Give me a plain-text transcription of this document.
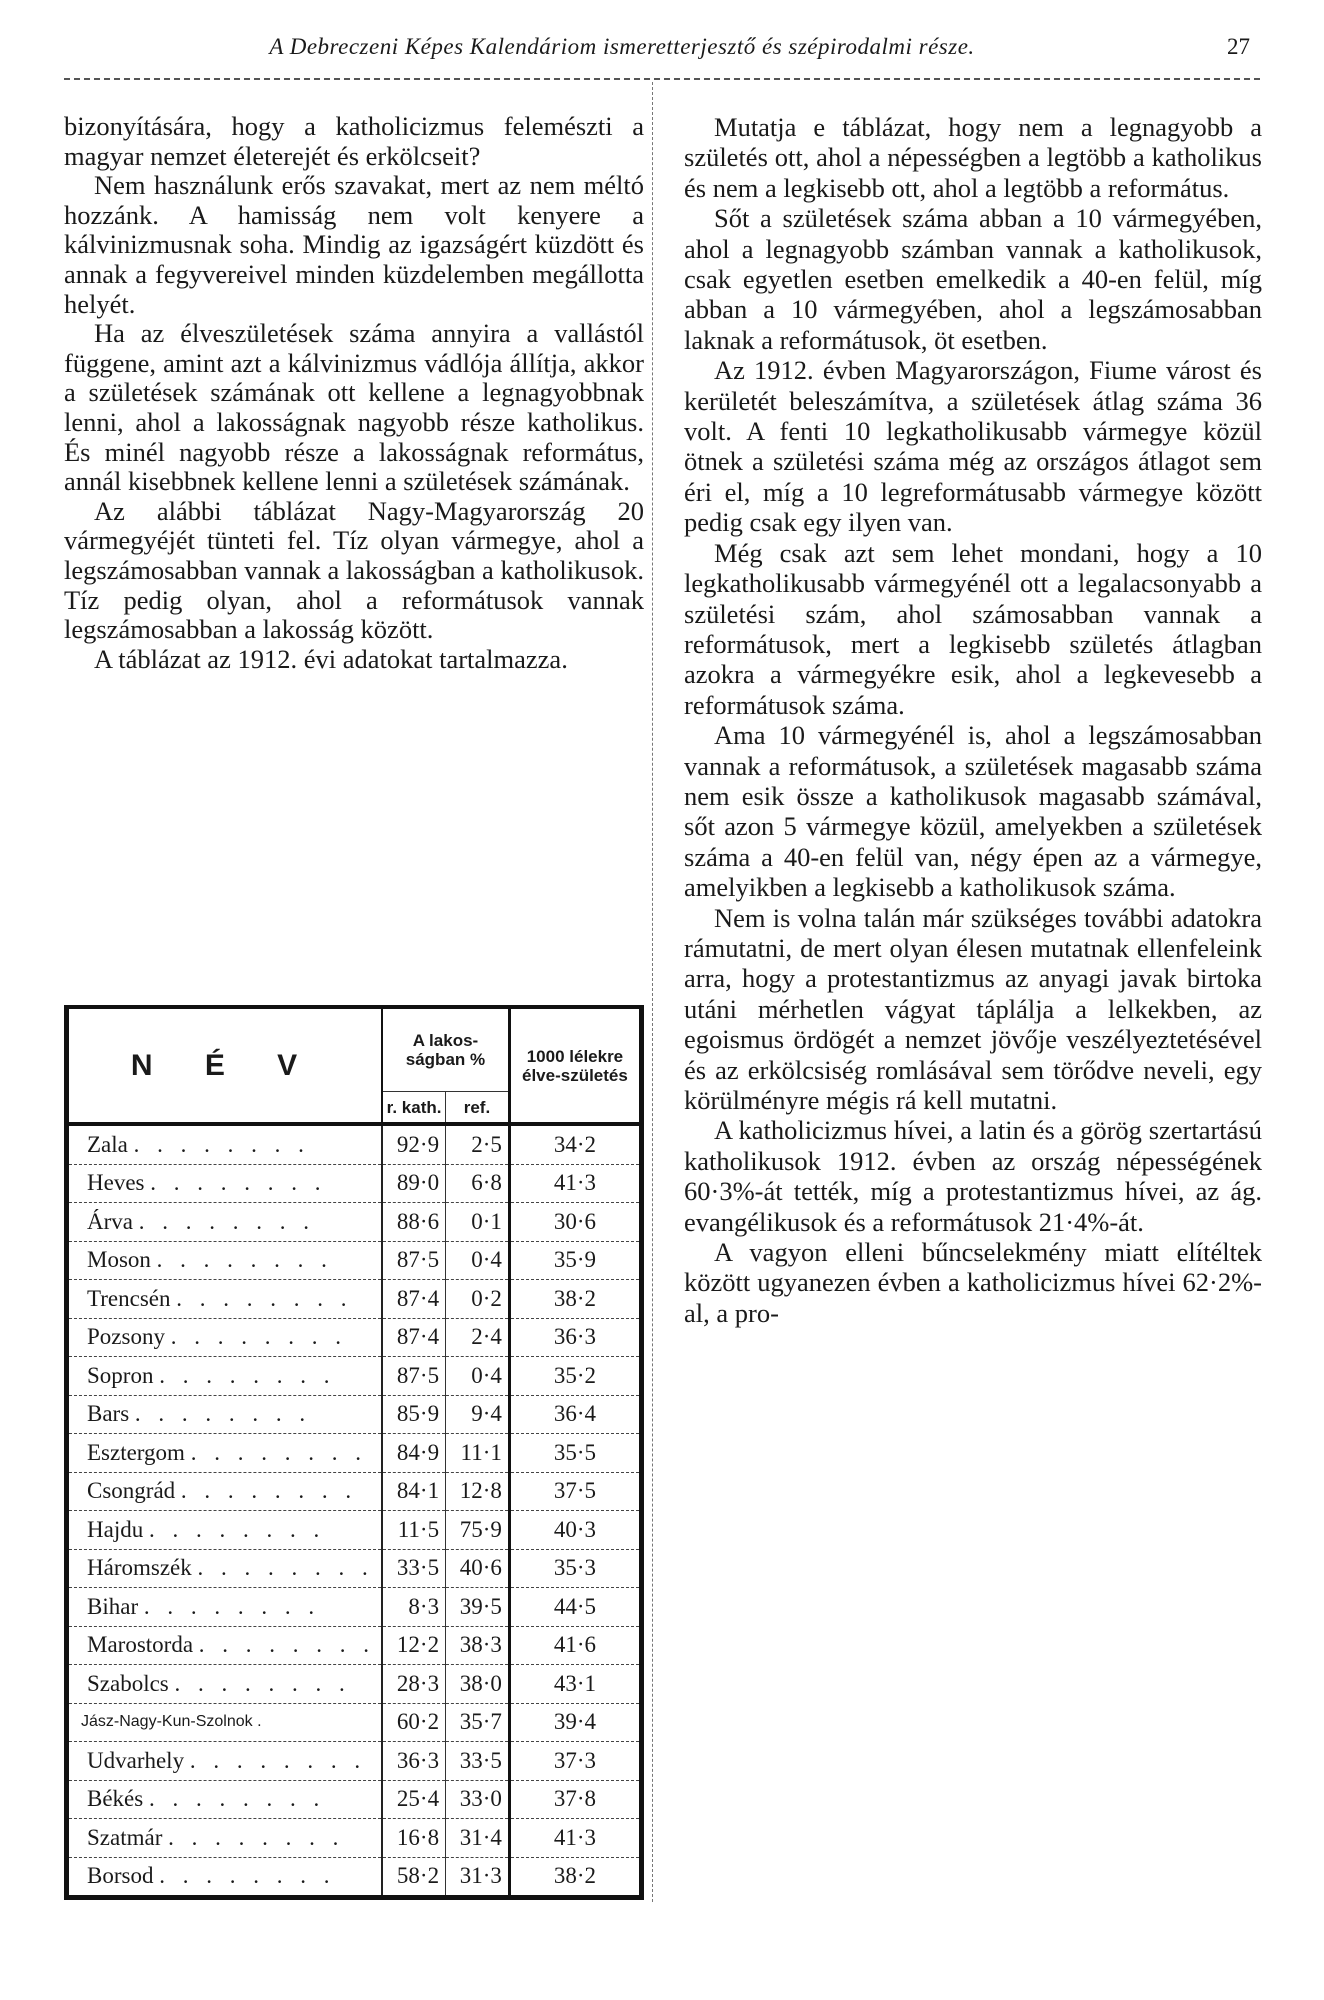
A Debreczeni Képes Kalendáriom ismeretterjesztő és szépirodalmi része.	27

bizonyítására, hogy a katholicizmus felemészti a magyar nemzet életerejét és erkölcseit?

Nem használunk erős szavakat, mert az nem méltó hozzánk. A hamisság nem volt kenyere a kálvinizmusnak soha. Mindig az igazságért küzdött és annak a fegyvereivel minden küzdelemben megállotta helyét.

Ha az élveszületések száma annyira a vallástól függene, amint azt a kálvinizmus vádlója állítja, akkor a születések számának ott kellene a legnagyobbnak lenni, ahol a lakosságnak nagyobb része katholikus. És minél nagyobb része a lakosságnak református, annál kisebbnek kellene lenni a születések számának.

Az alábbi táblázat Nagy-Magyarország 20 vármegyéjét tünteti fel. Tíz olyan vármegye, ahol a legszámosabban vannak a lakosságban a katholikusok. Tíz pedig olyan, ahol a reformátusok vannak legszámosabban a lakosság között.

A táblázat az 1912. évi adatokat tartalmazza.

N É V	A lakos-ságban %		1000 lélekre élve-születés
	r. kath.	ref.	
Zala . . . . . . . .	92·9	2·5	34·2
Heves . . . . . . . .	89·0	6·8	41·3
Árva . . . . . . . .	88·6	0·1	30·6
Moson . . . . . . . .	87·5	0·4	35·9
Trencsén . . . . . . . .	87·4	0·2	38·2
Pozsony . . . . . . . .	87·4	2·4	36·3
Sopron . . . . . . . .	87·5	0·4	35·2
Bars . . . . . . . .	85·9	9·4	36·4
Esztergom . . . . . . . .	84·9	11·1	35·5
Csongrád . . . . . . . .	84·1	12·8	37·5
Hajdu . . . . . . . .	11·5	75·9	40·3
Háromszék . . . . . . . .	33·5	40·6	35·3
Bihar . . . . . . . .	8·3	39·5	44·5
Marostorda . . . . . . . .	12·2	38·3	41·6
Szabolcs . . . . . . . .	28·3	38·0	43·1
Jász-Nagy-Kun-Szolnok .	60·2	35·7	39·4
Udvarhely . . . . . . . .	36·3	33·5	37·3
Békés . . . . . . . .	25·4	33·0	37·8
Szatmár . . . . . . . .	16·8	31·4	41·3
Borsod . . . . . . . .	58·2	31·3	38·2

Mutatja e táblázat, hogy nem a legnagyobb a születés ott, ahol a népességben a legtöbb a katholikus és nem a legkisebb ott, ahol a legtöbb a református.

Sőt a születések száma abban a 10 vármegyében, ahol a legnagyobb számban vannak a katholikusok, csak egyetlen esetben emelkedik a 40-en felül, míg abban a 10 vármegyében, ahol a legszámosabban laknak a reformátusok, öt esetben.

Az 1912. évben Magyarországon, Fiume várost és kerületét beleszámítva, a születések átlag száma 36 volt. A fenti 10 legkatholikusabb vármegye közül ötnek a születési száma még az országos átlagot sem éri el, míg a 10 legreformátusabb vármegye között pedig csak egy ilyen van.

Még csak azt sem lehet mondani, hogy a 10 legkatholikusabb vármegyénél ott a legalacsonyabb a születési szám, ahol számosabban vannak a reformátusok, mert a legkisebb születés átlagban azokra a vármegyékre esik, ahol a legkevesebb a reformátusok száma.

Ama 10 vármegyénél is, ahol a legszámosabban vannak a reformátusok, a születések magasabb száma nem esik össze a katholikusok magasabb számával, sőt azon 5 vármegye közül, amelyekben a születések száma a 40-en felül van, négy épen az a vármegye, amelyikben a legkisebb a katholikusok száma.

Nem is volna talán már szükséges további adatokra rámutatni, de mert olyan élesen mutatnak ellenfeleink arra, hogy a protestantizmus az anyagi javak birtoka utáni mérhetlen vágyat táplálja a lelkekben, az egoismus ördögét a nemzet jövője veszélyeztetésével és az erkölcsiség romlásával sem törődve neveli, egy körülményre mégis rá kell mutatni.

A katholicizmus hívei, a latin és a görög szertartású katholikusok 1912. évben az ország népességének 60·3%-át tették, míg a protestantizmus hívei, az ág. evangélikusok és a reformátusok 21·4%-át.

A vagyon elleni bűncselekmény miatt elítéltek között ugyanezen évben a katholicizmus hívei 62·2%-al, a pro-
